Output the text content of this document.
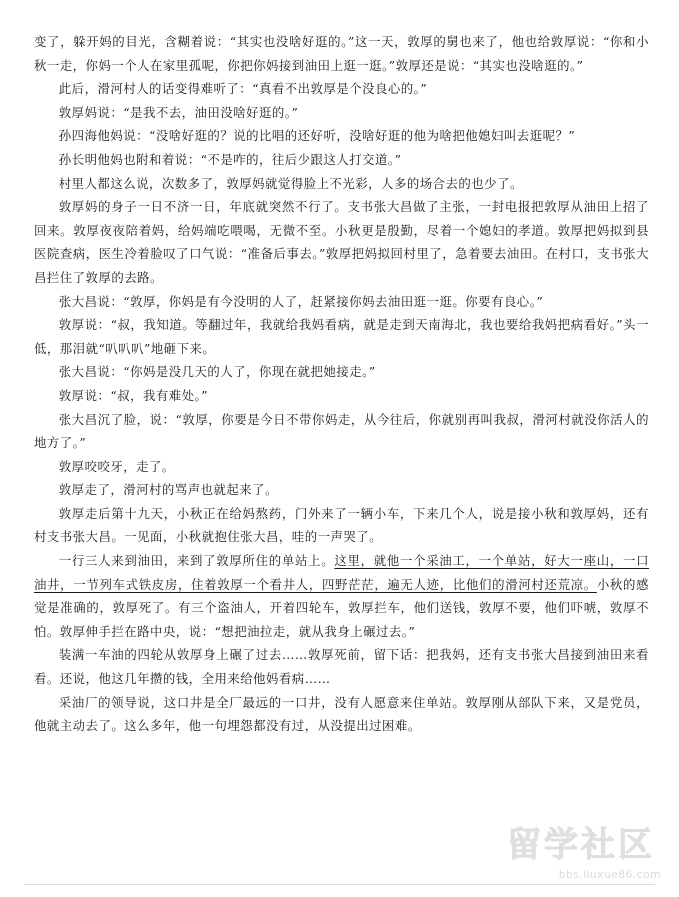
变了，躲开妈的目光，含糊着说：“其实也没啥好逛的。”这一天，敦厚的舅也来了，他也给敦厚说：“你和小秋一走，你妈一个人在家里孤呢，你把你妈接到油田上逛一逛。”敦厚还是说：“其实也没啥逛的。”

此后，滑河村人的话变得难听了：“真看不出敦厚是个没良心的。”

敦厚妈说：“是我不去，油田没啥好逛的。”

孙四海他妈说：“没啥好逛的？说的比唱的还好听，没啥好逛的他为啥把他媳妇叫去逛呢？”

孙长明他妈也附和着说：“不是咋的，往后少跟这人打交道。”

村里人都这么说，次数多了，敦厚妈就觉得脸上不光彩，人多的场合去的也少了。

敦厚妈的身子一日不济一日，年底就突然不行了。支书张大昌做了主张，一封电报把敦厚从油田上招了回来。敦厚夜夜陪着妈，给妈端吃喂喝，无微不至。小秋更是殷勤，尽着一个媳妇的孝道。敦厚把妈拟到县医院查病，医生冷着脸叹了口气说：“准备后事去。”敦厚把妈拟回村里了，急着要去油田。在村口，支书张大昌拦住了敦厚的去路。

张大昌说：“敦厚，你妈是有今没明的人了，赶紧接你妈去油田逛一逛。你要有良心。”

敦厚说：“叔，我知道。等翻过年，我就给我妈看病，就是走到天南海北，我也要给我妈把病看好。”头一低，那泪就“叭叭叭”地砸下来。

张大昌说：“你妈是没几天的人了，你现在就把她接走。”

敦厚说：“叔，我有难处。”

张大昌沉了脸，说：“敦厚，你要是今日不带你妈走，从今往后，你就别再叫我叔，滑河村就没你活人的地方了。”

敦厚咬咬牙，走了。

敦厚走了，滑河村的骂声也就起来了。

敦厚走后第十九天，小秋正在给妈熬药，门外来了一辆小车，下来几个人，说是接小秋和敦厚妈，还有村支书张大昌。一见面，小秋就抱住张大昌，哇的一声哭了。

一行三人来到油田，来到了敦厚所住的单站上。这里，就他一个采油工，一个单站，好大一座山，一口油井，一节列车式铁皮房，住着敦厚一个看井人，四野茫茫，遍无人迹，比他们的滑河村还荒凉。小秋的感觉是准确的，敦厚死了。有三个盗油人，开着四轮车，敦厚拦车，他们送钱，敦厚不要，他们吓唬，敦厚不怕。敦厚伸手拦在路中央，说：“想把油拉走，就从我身上碾过去。”

装满一车油的四轮从敦厚身上碾了过去……敦厚死前，留下话：把我妈，还有支书张大昌接到油田来看看。还说，他这几年攒的钱，全用来给他妈看病……

采油厂的领导说，这口井是全厂最远的一口井，没有人愿意来住单站。敦厚刚从部队下来，又是党员，他就主动去了。这么多年，他一句埋怨都没有过，从没提出过困难。

留学社区
bbs.liuxue86.com
